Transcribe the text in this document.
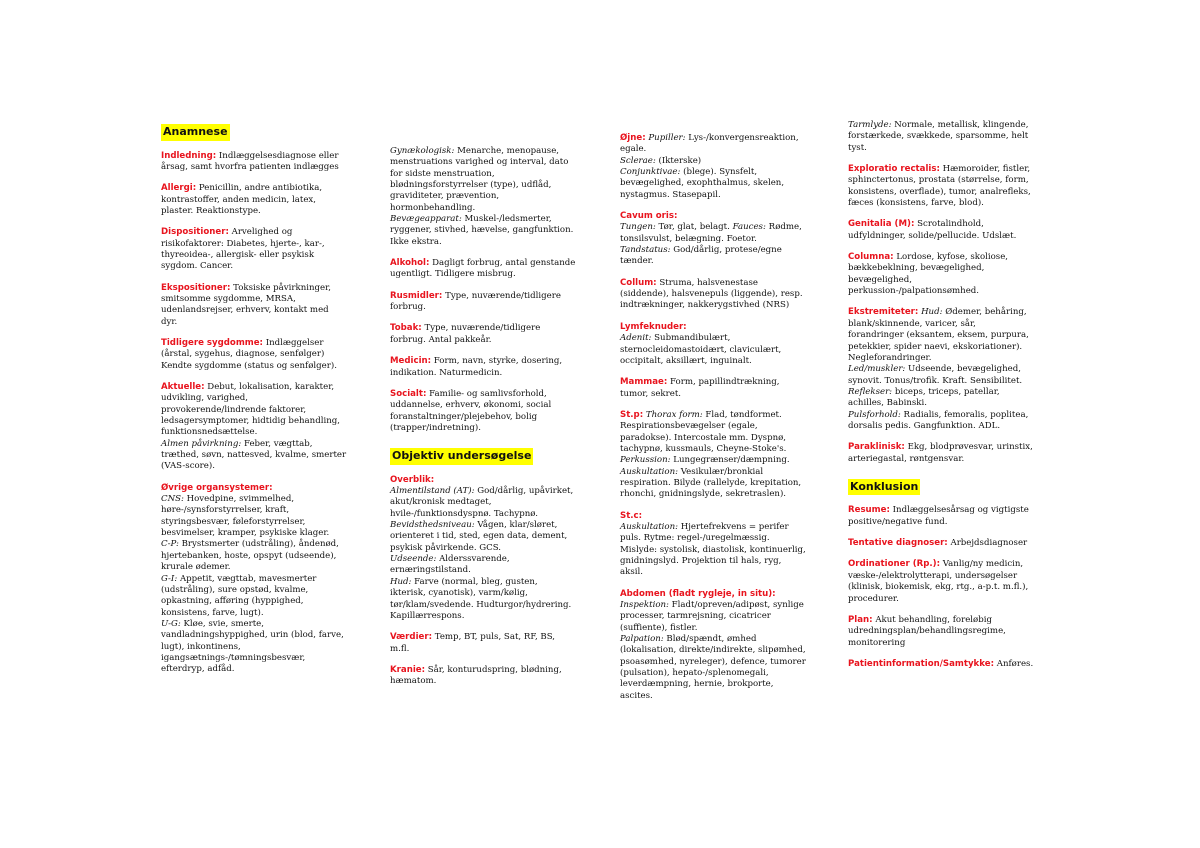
Anamnese

Indledning: Indlæggelsesdiagnose eller årsag, samt hvorfra patienten indlægges

Allergi: Penicillin, andre antibiotika, kontrastoffer, anden medicin, latex, plaster. Reaktionstype.

Dispositioner: Arvelighed og risikofaktorer: Diabetes, hjerte-, kar-, thyreoidea-, allergisk- eller psykisk sygdom. Cancer.

Ekspositioner: Toksiske påvirkninger, smitsomme sygdomme, MRSA, udenlandsrejser, erhverv, kontakt med dyr.

Tidligere sygdomme: Indlæggelser (årstal, sygehus, diagnose, senfølger) Kendte sygdomme (status og senfølger).

Aktuelle: Debut, lokalisation, karakter, udvikling, varighed, provokerende/lindrende faktorer, ledsagersymptomer, hidtidig behandling, funktionsnedsættelse.
Almen påvirkning: Feber, vægttab, træthed, søvn, nattesved, kvalme, smerter (VAS-score).

Øvrige organsystemer:
CNS: Hovedpine, svimmelhed, høre-/synsforstyrrelser, kraft, styringsbesvær, føleforstyrrelser, besvimelser, kramper, psykiske klager.
C-P: Brystsmerter (udstråling), åndenød, hjertebanken, hoste, opspyt (udseende), krurale ødemer.
G-I: Appetit, vægttab, mavesmerter (udstråling), sure opstød, kvalme, opkastning, afføring (hyppighed, konsistens, farve, lugt).
U-G: Kløe, svie, smerte, vandladningshyppighed, urin (blod, farve, lugt), inkontinens, igangsætnings-/tømningsbesvær, efterdryp, adfåd.

Gynækologisk: Menarche, menopause, menstruations varighed og interval, dato for sidste menstruation, blødningsforstyrrelser (type), udflåd, graviditeter, prævention, hormonbehandling.
Bevægeapparat: Muskel-/ledsmerter, ryggener, stivhed, hævelse, gangfunktion. Ikke ekstra.

Alkohol: Dagligt forbrug, antal genstande ugentligt. Tidligere misbrug.

Rusmidler: Type, nuværende/tidligere forbrug.

Tobak: Type, nuværende/tidligere forbrug. Antal pakkeår.

Medicin: Form, navn, styrke, dosering, indikation. Naturmedicin.

Socialt: Familie- og samlivsforhold, uddannelse, erhverv, økonomi, social foranstaltninger/plejebehov, bolig (trapper/indretning).

Objektiv undersøgelse

Overblik:
Almentilstand (AT): God/dårlig, upåvirket, akut/kronisk medtaget, hvile-/funktionsdyspnø. Tachypnø.
Bevidsthedsniveau: Vågen, klar/sløret, orienteret i tid, sted, egen data, dement, psykisk påvirkende. GCS.
Udseende: Alderssvarende, ernæringstilstand.
Hud: Farve (normal, bleg, gusten, ikterisk, cyanotisk), varm/kølig, tør/klam/svedende. Hudturgor/hydrering. Kapillærrespons.

Værdier: Temp, BT, puls, Sat, RF, BS, m.fl.

Kranie: Sår, konturudspring, blødning, hæmatom.

Øjne: Pupiller: Lys-/konvergensreaktion, egale.
Sclerae: (Ikterske)
Conjunktivae: (blege). Synsfelt, bevægelighed, exophthalmus, skelen, nystagmus. Stasepapil.

Cavum oris:
Tungen: Tør, glat, belagt. Fauces: Rødme, tonsilsvulst, belægning. Foetor. Tandstatus: God/dårlig, protese/egne tænder.

Collum: Struma, halsvenestase (siddende), halsvenepuls (liggende), resp. indtrækninger, nakkerygstivhed (NRS)

Lymfeknuder:
Adenit: Submandibulært, sternocleidomastoidært, claviculært, occipitalt, aksillært, inguinalt.

Mammae: Form, papillindtrækning, tumor, sekret.

St.p: Thorax form: Flad, tøndformet. Respirationsbevægelser (egale, paradokse). Intercostale mm. Dyspnø, tachypnø, kussmauls, Cheyne-Stoke's.
Perkussion: Lungegrænser/dæmpning.
Auskultation: Vesikulær/bronkial respiration. Bilyde (rallelyde, krepitation, rhonchi, gnidningslyde, sekretraslen).

St.c:
Auskultation: Hjertefrekvens = perifer puls. Rytme: regel-/uregelmæssig. Mislyde: systolisk, diastolisk, kontinuerlig, gnidningslyd. Projektion til hals, ryg, aksil.

Abdomen (fladt rygleje, in situ):
Inspektion: Fladt/opreven/adipøst, synlige processer, tarmrejsning, cicatricer (suffiente), fistler.
Palpation: Blød/spændt, ømhed (lokalisation, direkte/indirekte, slipømhed, psoasømhed, nyreleger), defence, tumorer (pulsation), hepato-/splenomegali, leverdæmpning, hernie, brokporte, ascites.

Tarmlyde: Normale, metallisk, klingende, forstærkede, svækkede, sparsomme, helt tyst.

Exploratio rectalis: Hæmoroider, fistler, sphinctertonus, prostata (størrelse, form, konsistens, overflade), tumor, analrefleks, fæces (konsistens, farve, blod).

Genitalia (M): Scrotalindhold, udfyldninger, solide/pellucide. Udslæt.

Columna: Lordose, kyfose, skoliose, bækkebeklning, bevægelighed, bevægelighed, perkussion-/palpationsømhed.

Ekstremiteter: Hud: Ødemer, behåring, blank/skinnende, varicer, sår, forandringer (eksantem, eksem, purpura, petekkier, spider naevi, ekskoriationer). Negleforandringer.
Led/muskler: Udseende, bevægelighed, synovit. Tonus/trofik. Kraft. Sensibilitet. Reflekser: biceps, triceps, patellar, achilles, Babinski.
Pulsforhold: Radialis, femoralis, poplitea, dorsalis pedis. Gangfunktion. ADL.

Paraklinisk: Ekg, blodprøvesvar, urinstix, arteriegastal, røntgensvar.

Konklusion

Resume: Indlæggelsesårsag og vigtigste positive/negative fund.

Tentative diagnoser: Arbejdsdiagnoser

Ordinationer (Rp.): Vanlig/ny medicin, væske-/elektrolytterapi, undersøgelser (klinisk, biokemisk, ekg, rtg., a-p.t. m.fl.), procedurer.

Plan: Akut behandling, foreløbig udredningsplan/behandlingsregime, monitorering

Patientinformation/Samtykke: Anføres.
